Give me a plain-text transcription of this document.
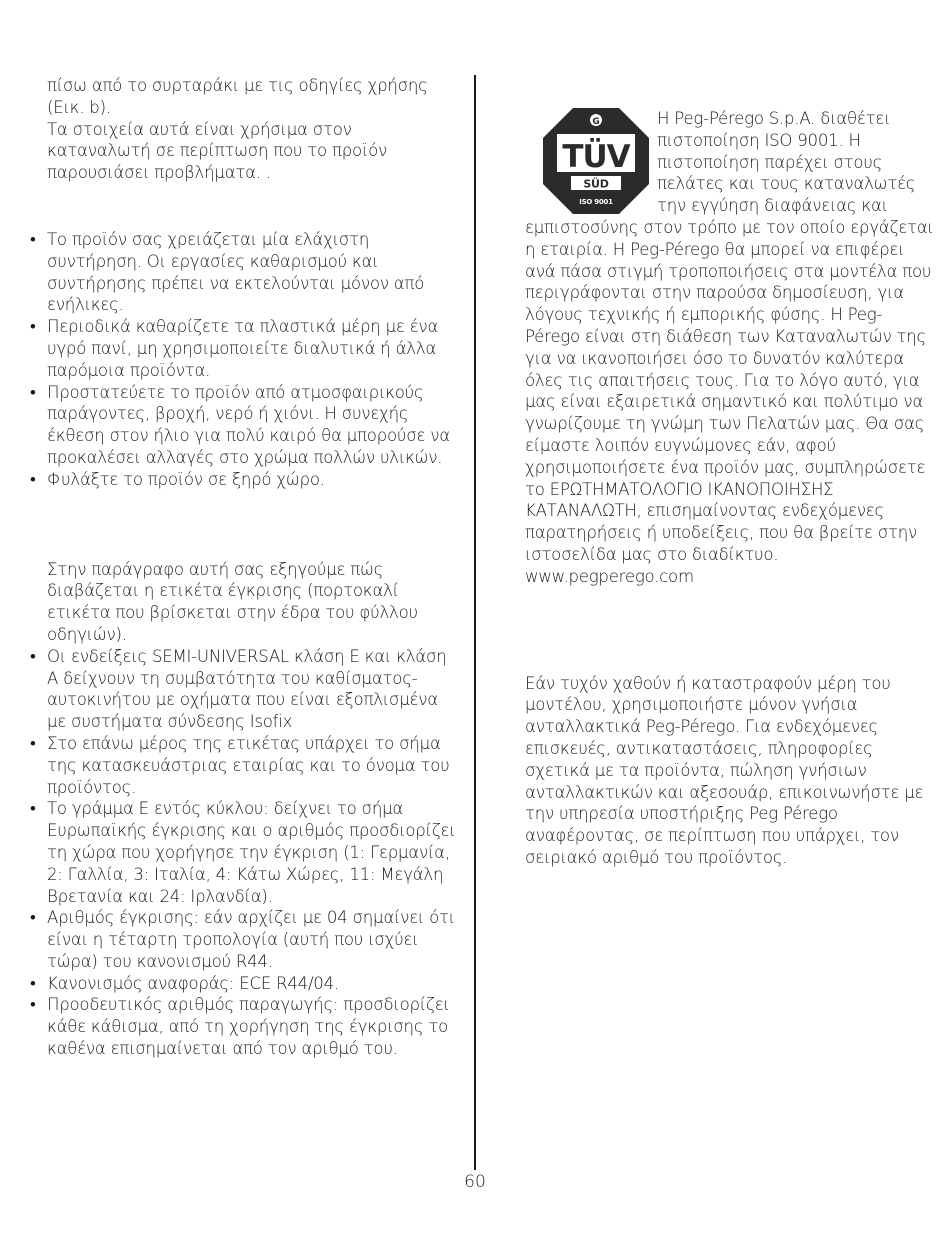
πίσω από το συρταράκι με τις οδηγίες χρήσης (Εικ. b).

Τα στοιχεία αυτά είναι χρήσιμα στον καταναλωτή σε περίπτωση που το προϊόν παρουσιάσει προβλήματα. .

• Το προϊόν σας χρειάζεται μία ελάχιστη συντήρηση. Οι εργασίες καθαρισμού και συντήρησης πρέπει να εκτελούνται μόνον από ενήλικες.
• Περιοδικά καθαρίζετε τα πλαστικά μέρη με ένα υγρό πανί, μη χρησιμοποιείτε διαλυτικά ή άλλα παρόμοια προϊόντα.
• Προστατεύετε το προϊόν από ατμοσφαιρικούς παράγοντες, βροχή, νερό ή χιόνι. Η συνεχής έκθεση στον ήλιο για πολύ καιρό θα μπορούσε να προκαλέσει αλλαγές στο χρώμα πολλών υλικών.
• Φυλάξτε το προϊόν σε ξηρό χώρο.

Στην παράγραφο αυτή σας εξηγούμε πώς διαβάζεται η ετικέτα έγκρισης (πορτοκαλί ετικέτα που βρίσκεται στην έδρα του φύλλου οδηγιών).

• Οι ενδείξεις SEMI-UNIVERSAL κλάση E και κλάση A δείχνουν τη συμβατότητα του καθίσματος-αυτοκινήτου με οχήματα που είναι εξοπλισμένα με συστήματα σύνδεσης Isofix
• Στο επάνω μέρος της ετικέτας υπάρχει το σήμα της κατασκευάστριας εταιρίας και το όνομα του προϊόντος.
• Το γράμμα E εντός κύκλου: δείχνει το σήμα Ευρωπαϊκής έγκρισης και ο αριθμός προσδιορίζει τη χώρα που χορήγησε την έγκριση (1: Γερμανία, 2: Γαλλία, 3: Ιταλία, 4: Κάτω Χώρες, 11: Μεγάλη Βρετανία και 24: Ιρλανδία).
• Αριθμός έγκρισης: εάν αρχίζει με 04 σημαίνει ότι είναι η τέταρτη τροπολογία (αυτή που ισχύει τώρα) του κανονισμού R44.
• Κανονισμός αναφοράς: ECE R44/04.
• Προοδευτικός αριθμός παραγωγής: προσδιορίζει κάθε κάθισμα, από τη χορήγηση της έγκρισης το καθένα επισημαίνεται από τον αριθμό του.
G
TÜV
SÜD
ISO 9001

Η Peg-Pérego S.p.A. διαθέτει πιστοποίηση ISO 9001. Η πιστοποίηση παρέχει στους πελάτες και τους καταναλωτές την εγγύηση διαφάνειας και εμπιστοσύνης στον τρόπο με τον οποίο εργάζεται η εταιρία. Η Peg-Pérego θα μπορεί να επιφέρει ανά πάσα στιγμή τροποποιήσεις στα μοντέλα που περιγράφονται στην παρούσα δημοσίευση, για λόγους τεχνικής ή εμπορικής φύσης. Η Peg-Pérego είναι στη διάθεση των Καταναλωτών της για να ικανοποιήσει όσο το δυνατόν καλύτερα όλες τις απαιτήσεις τους. Για το λόγο αυτό, για μας είναι εξαιρετικά σημαντικό και πολύτιμο να γνωρίζουμε τη γνώμη των Πελατών μας. Θα σας είμαστε λοιπόν ευγνώμονες εάν, αφού χρησιμοποιήσετε ένα προϊόν μας, συμπληρώσετε το ΕΡΩΤΗΜΑΤΟΛΟΓΙΟ ΙΚΑΝΟΠΟΙΗΣΗΣ ΚΑΤΑΝΑΛΩΤΗ, επισημαίνοντας ενδεχόμενες παρατηρήσεις ή υποδείξεις, που θα βρείτε στην ιστοσελίδα μας στο διαδίκτυο.

www.pegperego.com

Εάν τυχόν χαθούν ή καταστραφούν μέρη του μοντέλου, χρησιμοποιήστε μόνον γνήσια ανταλλακτικά Peg-Pérego. Για ενδεχόμενες επισκευές, αντικαταστάσεις, πληροφορίες σχετικά με τα προϊόντα, πώληση γνήσιων ανταλλακτικών και αξεσουάρ, επικοινωνήστε με την υπηρεσία υποστήριξης Peg Pérego αναφέροντας, σε περίπτωση που υπάρχει, τον σειριακό αριθμό του προϊόντος.

60
